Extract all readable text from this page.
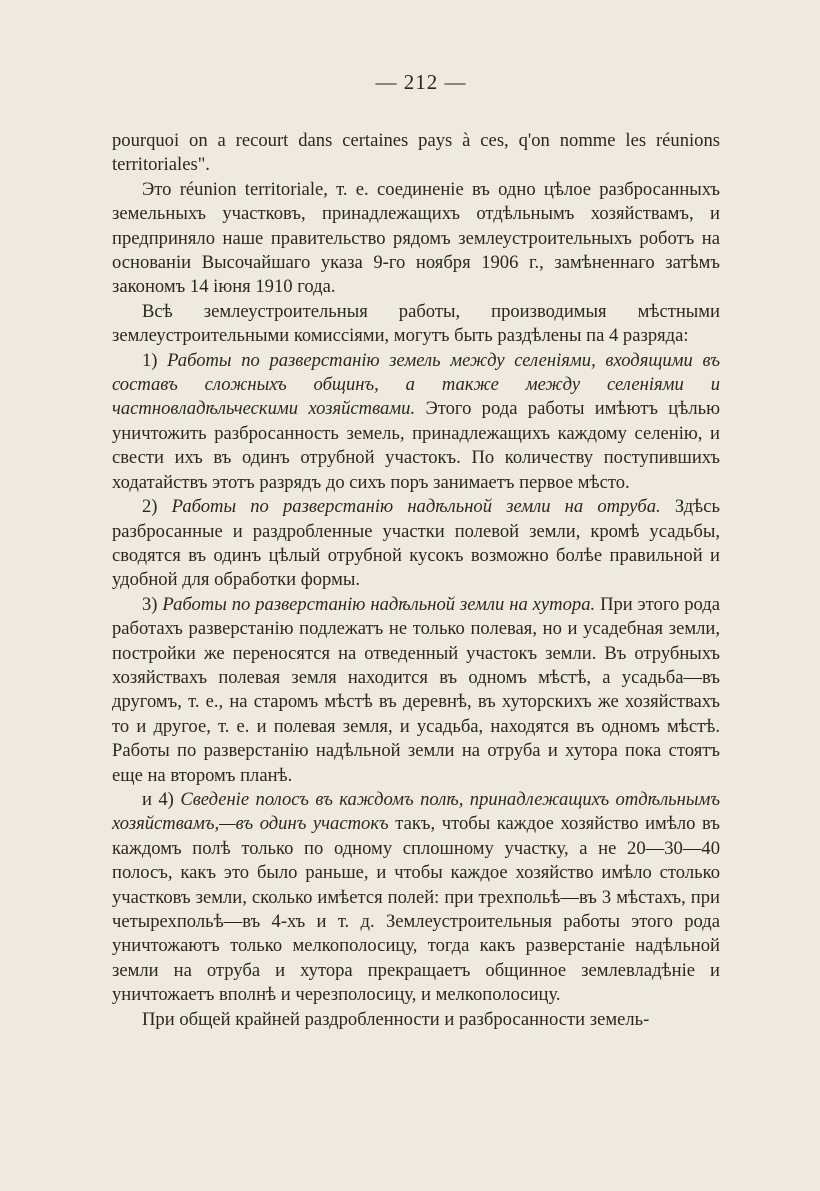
— 212 —

pourquoi on a recourt dans certaines pays à ces, q'on nomme les réunions territoriales".

Это réunion territoriale, т. е. соединеніе въ одно цѣлое разбросанныхъ земельныхъ участковъ, принадлежащихъ отдѣльнымъ хозяйствамъ, и предприняло наше правительство рядомъ землеустроительныхъ роботъ на основаніи Высочайшаго указа 9-го ноября 1906 г., замѣненнаго затѣмъ закономъ 14 іюня 1910 года.

Всѣ землеустроительныя работы, производимыя мѣстными землеустроительными комиссіями, могутъ быть раздѣлены па 4 разряда:

1) Работы по разверстанію земель между селеніями, входящими въ составъ сложныхъ общинъ, а также между селеніями и частновладѣльческими хозяйствами. Этого рода работы имѣютъ цѣлью уничтожить разбросанность земель, принадлежащихъ каждому селенію, и свести ихъ въ одинъ отрубной участокъ. По количеству поступившихъ ходатайствъ этотъ разрядъ до сихъ поръ занимаетъ первое мѣсто.

2) Работы по разверстанію надѣльной земли на отруба. Здѣсь разбросанные и раздробленные участки полевой земли, кромѣ усадьбы, сводятся въ одинъ цѣлый отрубной кусокъ возможно болѣе правильной и удобной для обработки формы.

3) Работы по разверстанію надѣльной земли на хутора. При этого рода работахъ разверстанію подлежатъ не только полевая, но и усадебная земли, постройки же переносятся на отведенный участокъ земли. Въ отрубныхъ хозяйствахъ полевая земля находится въ одномъ мѣстѣ, а усадьба—въ другомъ, т. е., на старомъ мѣстѣ въ деревнѣ, въ хуторскихъ же хозяйствахъ то и другое, т. е. и полевая земля, и усадьба, находятся въ одномъ мѣстѣ. Работы по разверстанію надѣльной земли на отруба и хутора пока стоятъ еще на второмъ планѣ.

и 4) Сведеніе полосъ въ каждомъ полѣ, принадлежащихъ отдѣльнымъ хозяйствамъ,—въ одинъ участокъ такъ, чтобы каждое хозяйство имѣло въ каждомъ полѣ только по одному сплошному участку, а не 20—30—40 полосъ, какъ это было раньше, и чтобы каждое хозяйство имѣло столько участковъ земли, сколько имѣется полей: при трехпольѣ—въ 3 мѣстахъ, при четырехпольѣ—въ 4-хъ и т. д. Землеустроительныя работы этого рода уничтожаютъ только мелкополосицу, тогда какъ разверстаніе надѣльной земли на отруба и хутора прекращаетъ общинное землевладѣніе и уничтожаетъ вполнѣ и черезполосицу, и мелкополосицу.

При общей крайней раздробленности и разбросанности земель-
